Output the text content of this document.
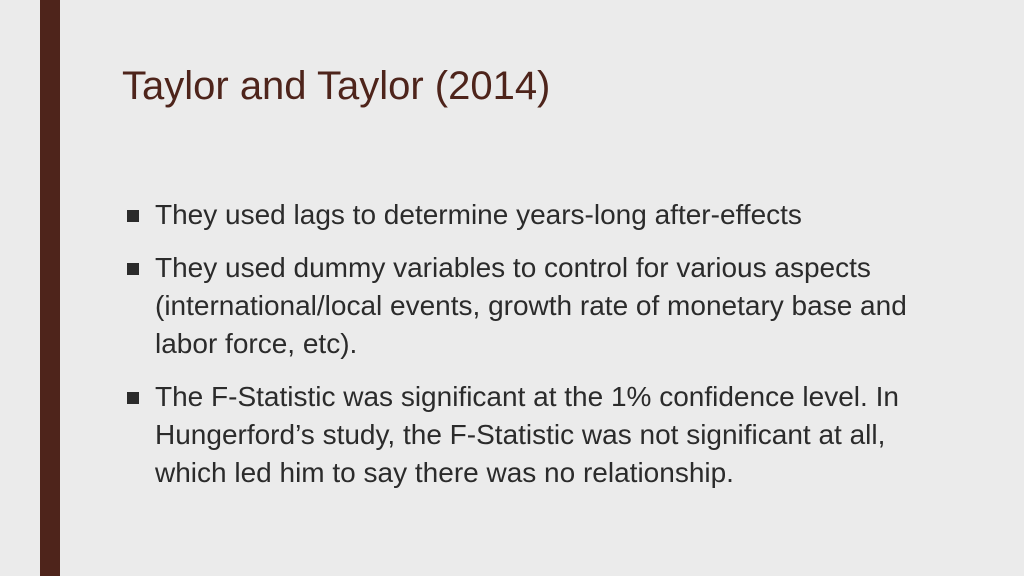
Taylor and Taylor (2014)
They used lags to determine years-long after-effects
They used dummy variables to control for various aspects (international/local events, growth rate of monetary base and labor force, etc).
The F-Statistic was significant at the 1% confidence level. In Hungerford’s study, the F-Statistic was not significant at all, which led him to say there was no relationship.
